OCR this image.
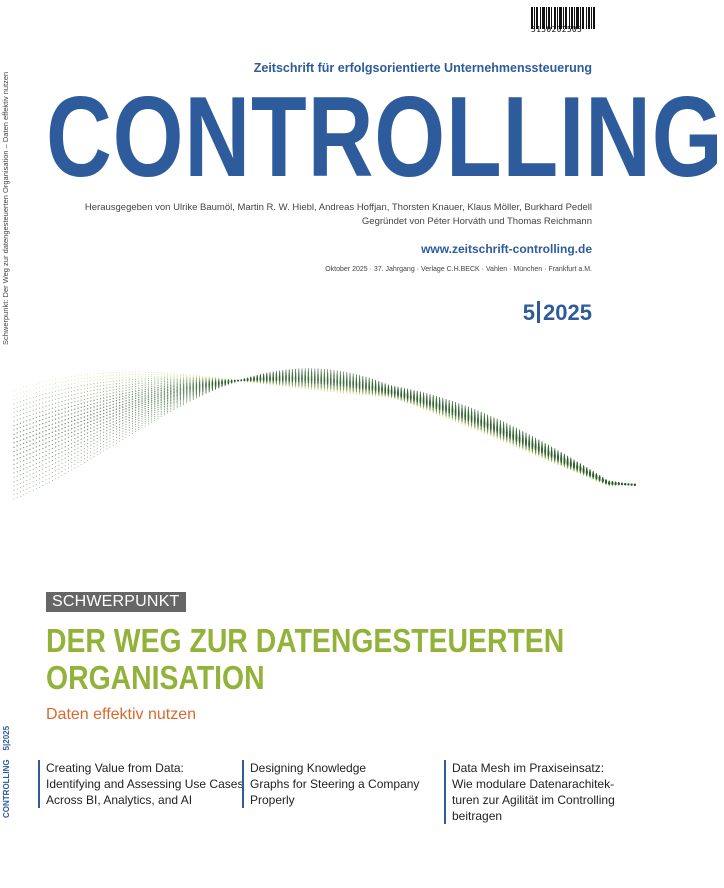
5150202505
Schwerpunkt: Der Weg zur datengesteuerten Organisation – Daten effektiv nutzen
CONTROLLING    5|2025
Zeitschrift für erfolgsorientierte Unternehmenssteuerung
CONTROLLING
Herausgegeben von Ulrike Baumöl, Martin R. W. Hiebl, Andreas Hoffjan, Thorsten Knauer, Klaus Möller, Burkhard Pedell
Gegründet von Péter Horváth und Thomas Reichmann
www.zeitschrift-controlling.de
Oktober 2025 · 37. Jahrgang · Verlage C.H.BECK · Vahlen · München · Frankfurt a.M.
5 2025
SCHWERPUNKT
DER WEG ZUR DATENGESTEUERTEN
ORGANISATION
Daten effektiv nutzen
Creating Value from Data:
Identifying and Assessing Use Cases
Across BI, Analytics, and AI
Designing Knowledge
Graphs for Steering a Company
Properly
Data Mesh im Praxiseinsatz:
Wie modulare Datenarachitek-
turen zur Agilität im Controlling
beitragen
